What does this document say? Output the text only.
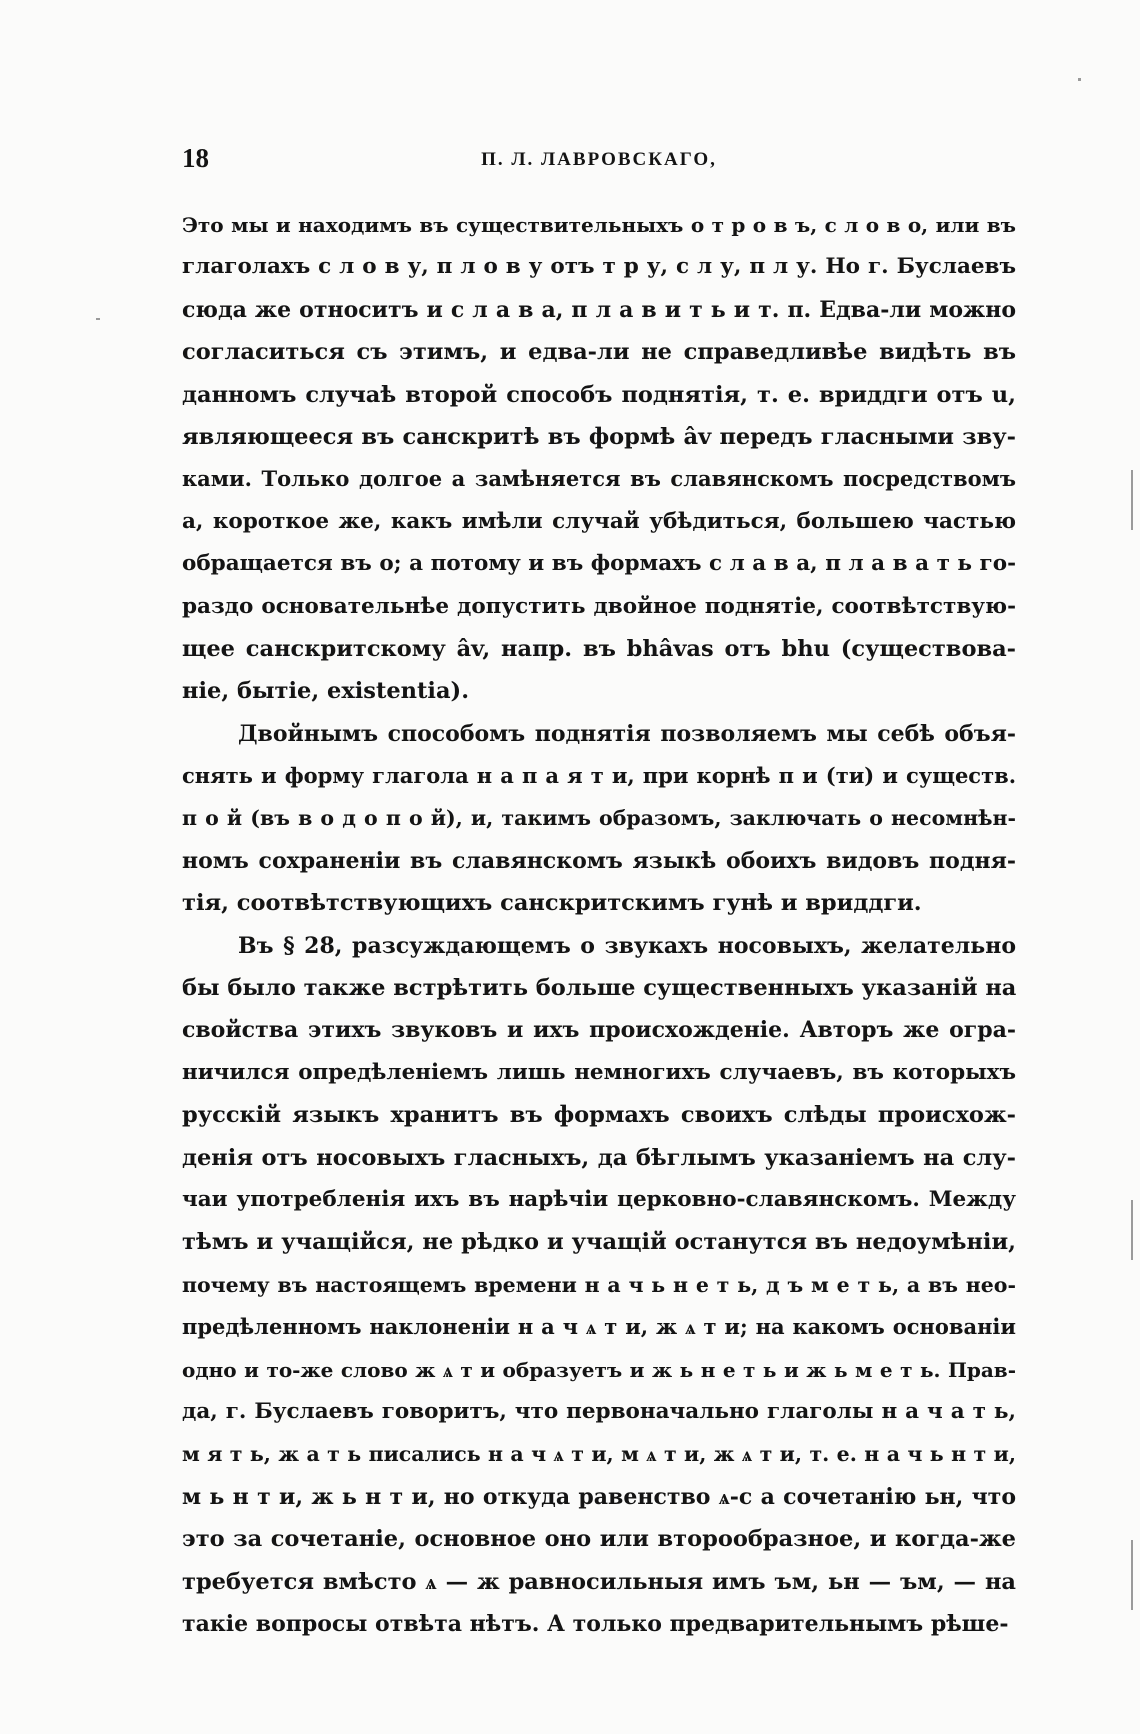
18	П. Л. ЛАВРОВСКАГО,
Это мы и находимъ въ существительныхъ о т р о в ъ, с л о в о, или въ
глаголахъ с л о в у, п л о в у отъ т р у, с л у, п л у. Но г. Буслаевъ
сюда же относитъ и с л а в а, п л а в и т ь и т. п. Едва-ли можно
согласиться съ этимъ, и едва-ли не справедливѣе видѣть въ
данномъ случаѣ второй способъ поднятія, т. е. вриддги отъ u,
являющееся въ санскритѣ въ формѣ âv передъ гласными зву-
ками. Только долгое a замѣняется въ славянскомъ посредствомъ
a, короткое же, какъ имѣли случай убѣдиться, большею частью
обращается въ o; а потому и въ формахъ с л а в а, п л а в а т ь го-
раздо основательнѣе допустить двойное поднятіе, соотвѣтствую-
щее санскритскому âv, напр. въ bhâvas отъ bhu (существова-
ніе, бытіе, existentia).
Двойнымъ способомъ поднятія позволяемъ мы себѣ объя-
снять и форму глагола н а п а я т и, при корнѣ п и (ти) и существ.
п о й (въ в о д о п о й), и, такимъ образомъ, заключать о несомнѣн-
номъ сохраненіи въ славянскомъ языкѣ обоихъ видовъ подня-
тія, соотвѣтствующихъ санскритскимъ гунѣ и вриддги.
Въ § 28, разсуждающемъ о звукахъ носовыхъ, желательно
бы было также встрѣтить больше существенныхъ указаній на
свойства этихъ звуковъ и ихъ происхожденіе. Авторъ же огра-
ничился опредѣленіемъ лишь немногихъ случаевъ, въ которыхъ
русскій языкъ хранитъ въ формахъ своихъ слѣды происхож-
денія отъ носовыхъ гласныхъ, да бѣглымъ указаніемъ на слу-
чаи употребленія ихъ въ нарѣчіи церковно-славянскомъ. Между
тѣмъ и учащійся, не рѣдко и учащій останутся въ недоумѣніи,
почему въ настоящемъ времени н а ч ь н е т ь, д ъ м е т ь, а въ нео-
предѣленномъ наклоненіи н а ч ѧ т и, ж ѧ т и; на какомъ основаніи
одно и то-же слово ж ѧ т и образуетъ и ж ь н е т ь и ж ь м е т ь. Прав-
да, г. Буслаевъ говоритъ, что первоначально глаголы н а ч а т ь,
м я т ь, ж а т ь писались н а ч ѧ т и, м ѧ т и, ж ѧ т и, т. е. н а ч ь н т и,
м ь н т и, ж ь н т и, но откуда равенство ѧ-с а сочетанію ьн, что
это за сочетаніе, основное оно или второобразное, и когда-же
требуется вмѣсто ѧ — ж равносильныя имъ ъм, ьн — ъм, — на
такіе вопросы отвѣта нѣтъ. А только предварительнымъ рѣше-
